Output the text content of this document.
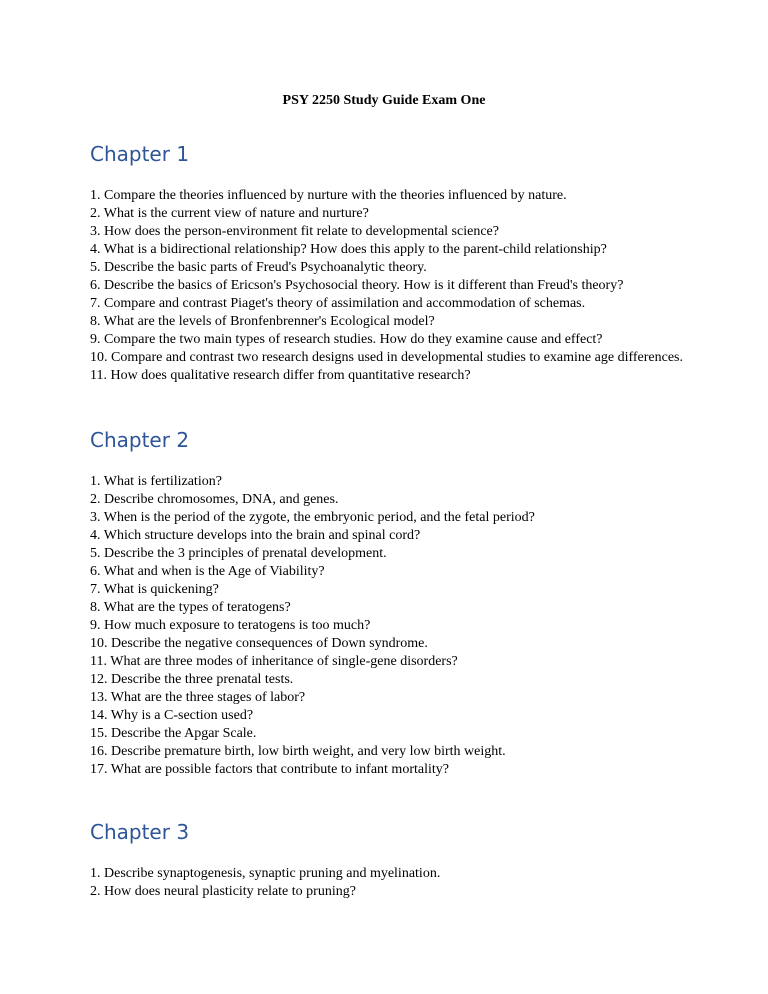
PSY 2250 Study Guide Exam One
Chapter 1
1. Compare the theories influenced by nurture with the theories influenced by nature.
2. What is the current view of nature and nurture?
3. How does the person-environment fit relate to developmental science?
4. What is a bidirectional relationship? How does this apply to the parent-child relationship?
5. Describe the basic parts of Freud's Psychoanalytic theory.
6. Describe the basics of Ericson's Psychosocial theory. How is it different than Freud's theory?
7. Compare and contrast Piaget's theory of assimilation and accommodation of schemas.
8. What are the levels of Bronfenbrenner's Ecological model?
9. Compare the two main types of research studies. How do they examine cause and effect?
10. Compare and contrast two research designs used in developmental studies to examine age differences.
11. How does qualitative research differ from quantitative research?
Chapter 2
1. What is fertilization?
2. Describe chromosomes, DNA, and genes.
3. When is the period of the zygote, the embryonic period, and the fetal period?
4. Which structure develops into the brain and spinal cord?
5. Describe the 3 principles of prenatal development.
6. What and when is the Age of Viability?
7. What is quickening?
8. What are the types of teratogens?
9. How much exposure to teratogens is too much?
10. Describe the negative consequences of Down syndrome.
11. What are three modes of inheritance of single-gene disorders?
12. Describe the three prenatal tests.
13. What are the three stages of labor?
14. Why is a C-section used?
15. Describe the Apgar Scale.
16. Describe premature birth, low birth weight, and very low birth weight.
17. What are possible factors that contribute to infant mortality?
Chapter 3
1. Describe synaptogenesis, synaptic pruning and myelination.
2. How does neural plasticity relate to pruning?
